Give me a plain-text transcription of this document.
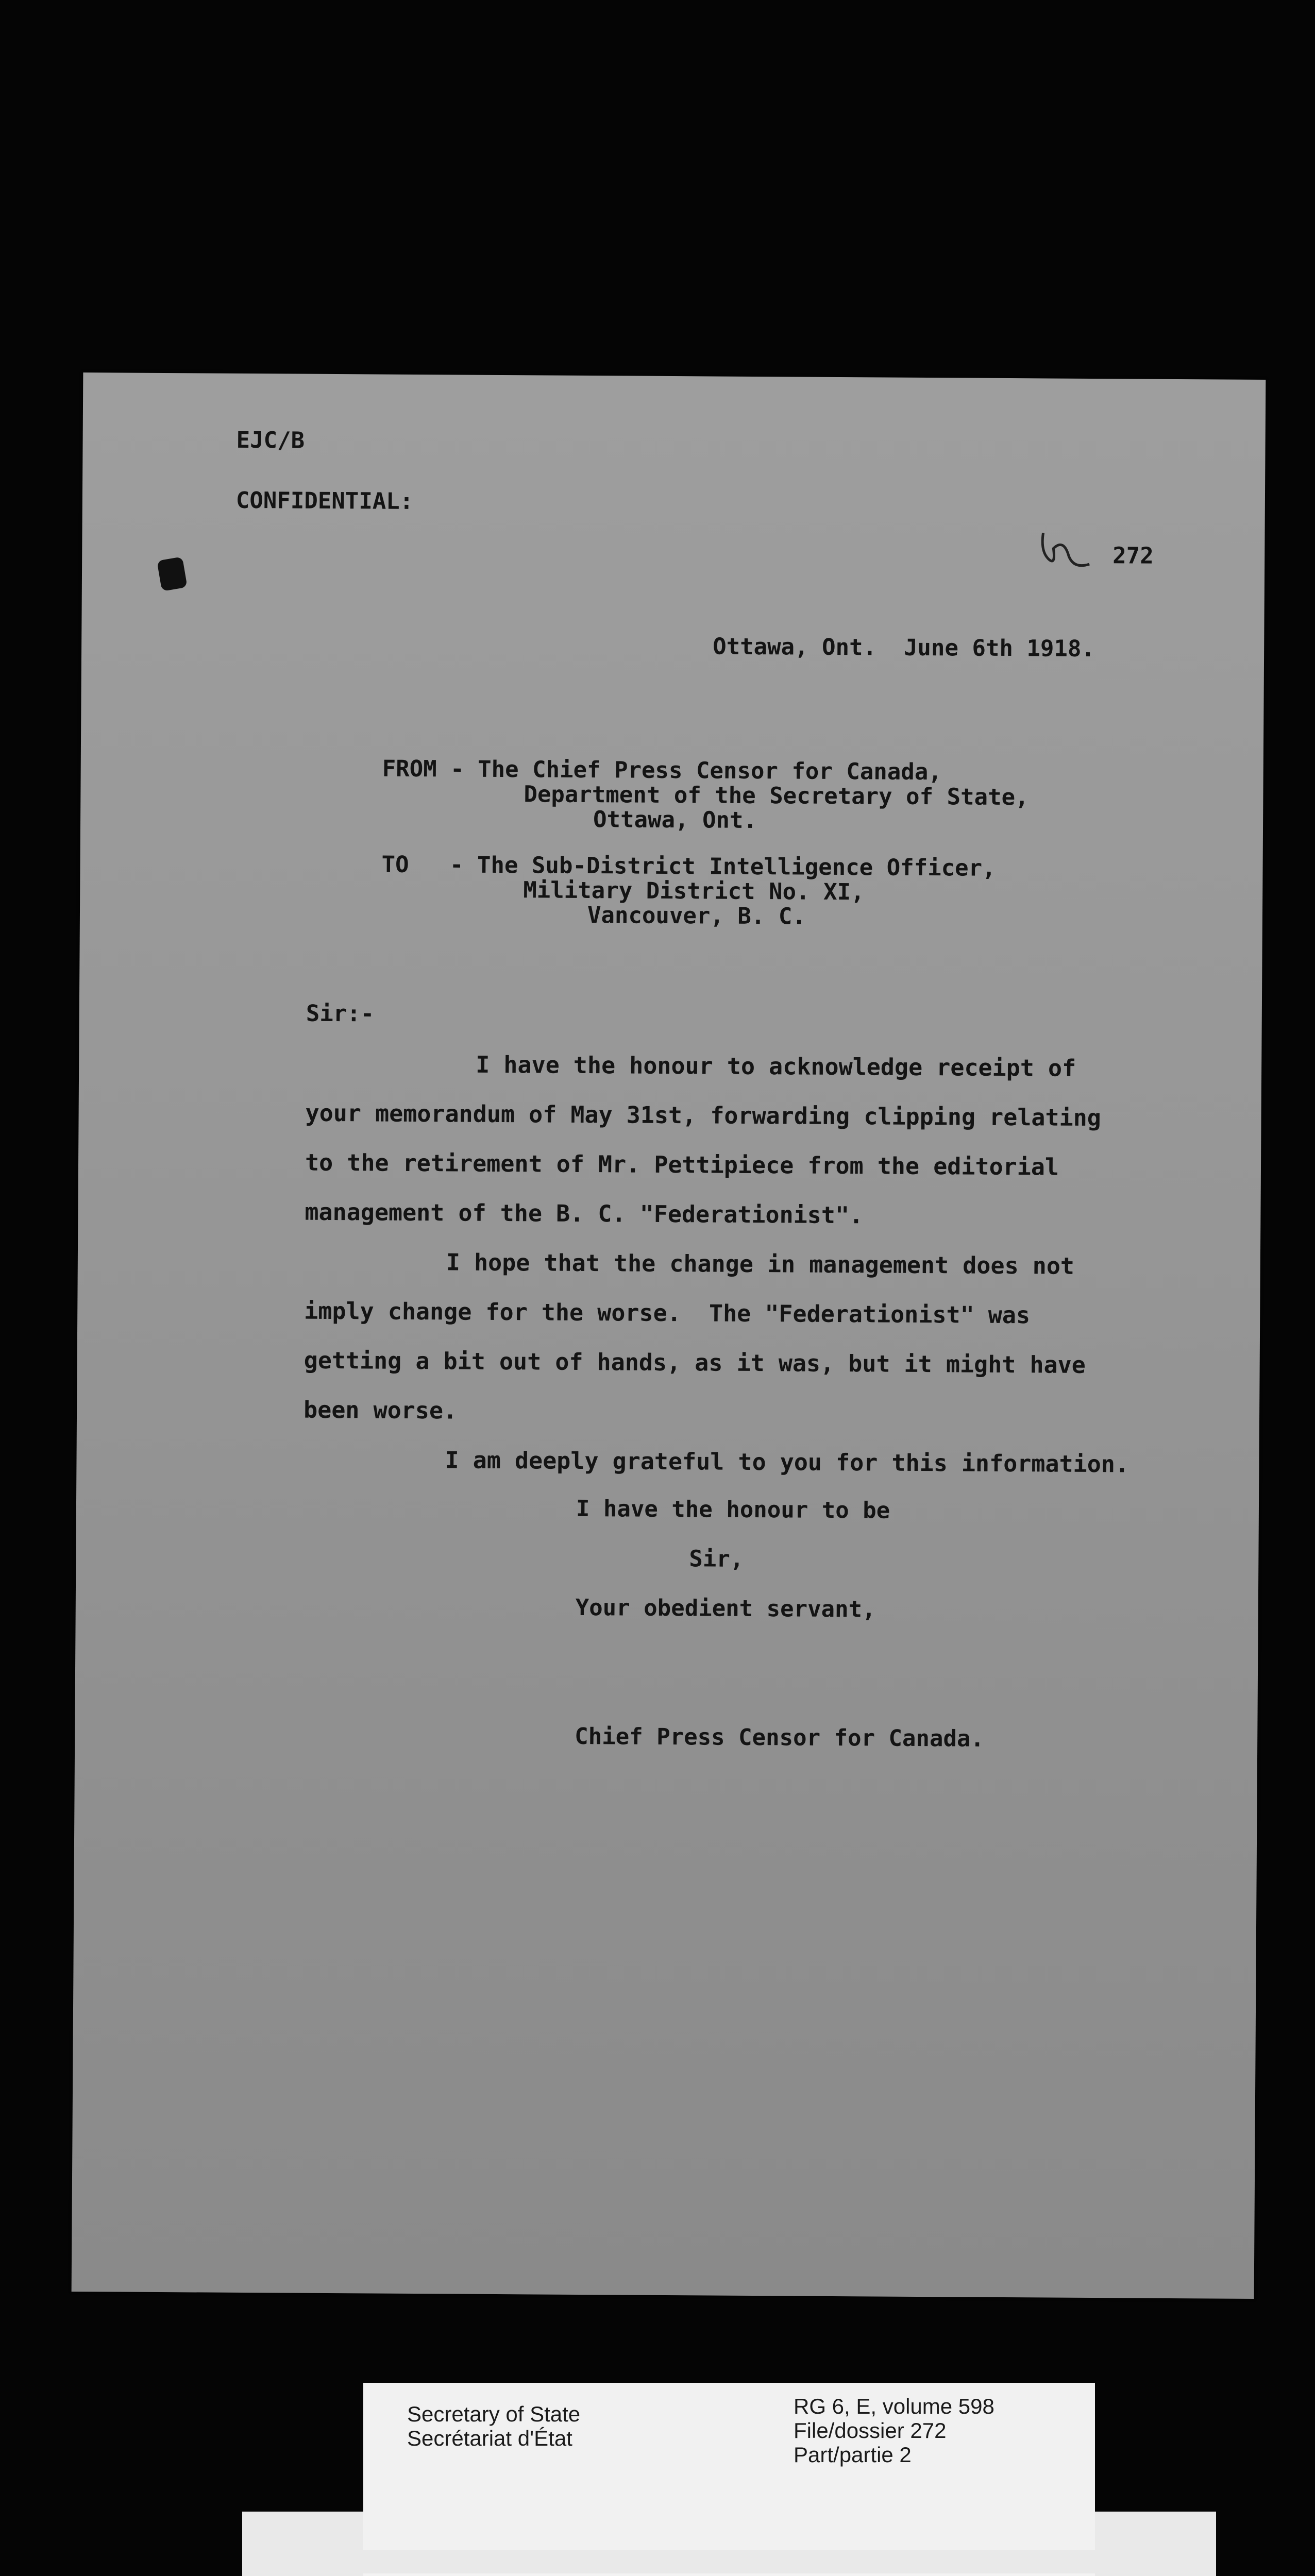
EJC/B
CONFIDENTIAL:
272
Ottawa, Ont.  June 6th 1918.
FROM - The Chief Press Censor for Canada,
Department of the Secretary of State,
Ottawa, Ont.
TO   - The Sub-District Intelligence Officer,
Military District No. XI,
Vancouver, B. C.
Sir:-
I have the honour to acknowledge receipt of
your memorandum of May 31st, forwarding clipping relating
to the retirement of Mr. Pettipiece from the editorial
management of the B. C. "Federationist".
I hope that the change in management does not
imply change for the worse.  The "Federationist" was
getting a bit out of hands, as it was, but it might have
been worse.
I am deeply grateful to you for this information.
I have the honour to be
Sir,
Your obedient servant,
Chief Press Censor for Canada.
Secretary of State
Secrétariat d'État
RG 6, E, volume 598
File/dossier 272
Part/partie 2
